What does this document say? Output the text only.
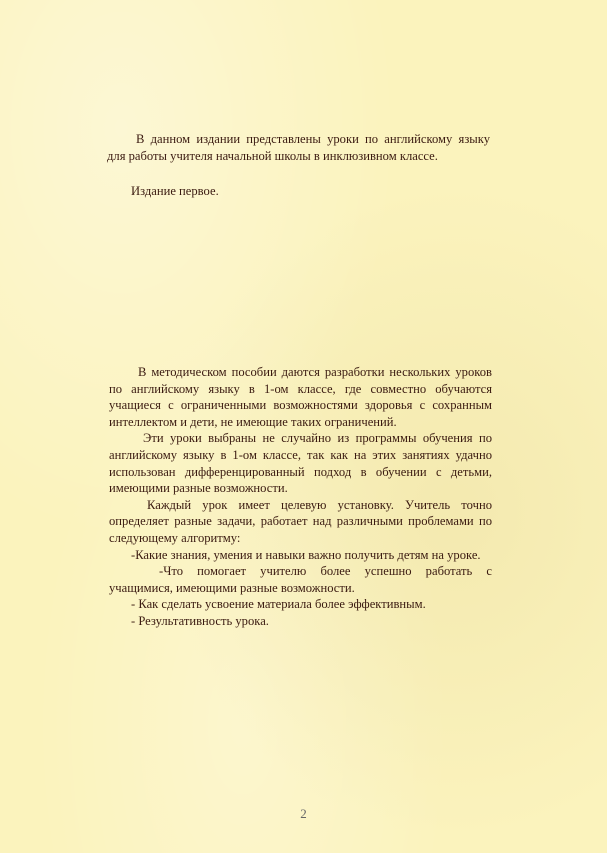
В данном издании представлены уроки по английскому языку для работы учителя начальной школы в инклюзивном классе.

Издание первое.

В методическом пособии даются разработки нескольких уроков по английскому языку в 1-ом классе, где совместно обучаются учащиеся с ограниченными возможностями здоровья с сохранным интеллектом и дети, не имеющие таких ограничений.

Эти уроки выбраны не случайно из программы обучения по английскому языку в 1-ом классе, так как на этих занятиях удачно использован дифференцированный подход в обучении с детьми, имеющими разные возможности.

Каждый урок имеет целевую установку. Учитель точно определяет разные задачи, работает над различными проблемами по следующему алгоритму:

-Какие знания, умения и навыки важно получить детям на уроке.

-Что помогает учителю более успешно работать с учащимися, имеющими разные возможности.

- Как сделать усвоение материала более эффективным.

- Результативность урока.

2
